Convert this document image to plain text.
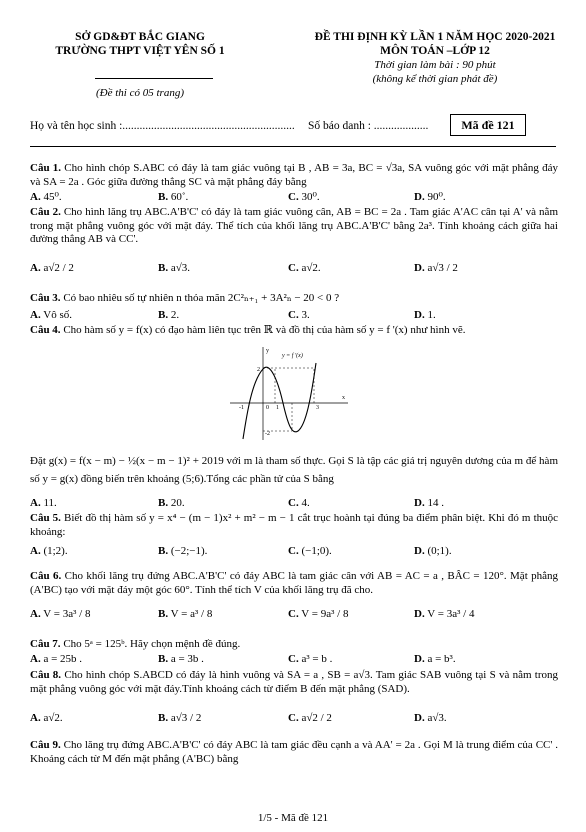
SỞ GD&ĐT BẮC GIANG
TRƯỜNG THPT VIỆT YÊN SỐ 1
(Đề thi có 05 trang)
ĐỀ THI ĐỊNH KỲ LẦN 1 NĂM HỌC 2020-2021
MÔN TOÁN –LỚP 12
Thời gian làm bài : 90 phút
(không kể thời gian phát đề)
Họ và tên học sinh :............................................................ Số báo danh : ...................	Mã đề 121
Câu 1. Cho hình chóp S.ABC có đáy là tam giác vuông tại B , AB = 3a, BC = √3a, SA vuông góc với mặt phẳng đáy và SA = 2a . Góc giữa đường thẳng SC và mặt phẳng đáy bằng
A. 45⁰.	B. 60˚.	C. 30⁰.	D. 90⁰.
Câu 2. Cho hình lăng trụ ABC.A'B'C' có đáy là tam giác vuông cân, AB = BC = 2a . Tam giác A'AC cân tại A' và nằm trong mặt phẳng vuông góc với mặt đáy. Thể tích của khối lăng trụ ABC.A'B'C' bằng 2a³. Tính khoảng cách giữa hai đường thẳng AB và CC'.
A. a√2 / 2	B. a√3.	C. a√2.	D. a√3 / 2
Câu 3. Có bao nhiêu số tự nhiên n thỏa mãn 2C²ₙ₊₁ + 3A²ₙ − 20 < 0 ?
A. Vô số.	B. 2.	C. 3.	D. 1.
Câu 4. Cho hàm số y = f(x) có đạo hàm liên tục trên ℝ và đồ thị của hàm số y = f '(x) như hình vẽ.
x
y
y = f '(x)
-1	0 1	3
2
-2
Đặt g(x) = f(x − m) − ½(x − m − 1)² + 2019 với m là tham số thực. Gọi S là tập các giá trị nguyên dương của m để hàm số y = g(x) đồng biến trên khoảng (5;6).Tổng các phần tử của S bằng
A. 11.	B. 20.	C. 4.	D. 14 .
Câu 5. Biết đồ thị hàm số y = x⁴ − (m − 1)x² + m² − m − 1 cắt trục hoành tại đúng ba điểm phân biệt. Khi đó m thuộc khoảng:
A. (1;2).	B. (−2;−1).	C. (−1;0).	D. (0;1).
Câu 6. Cho khối lăng trụ đứng ABC.A'B'C' có đáy ABC là tam giác cân với AB = AC = a , BÂC = 120°. Mặt phẳng (A'BC) tạo với mặt đáy một góc 60°. Tính thể tích V của khối lăng trụ đã cho.
A. V = 3a³ / 8	B. V = a³ / 8	C. V = 9a³ / 8	D. V = 3a³ / 4
Câu 7. Cho 5ᵃ = 125ᵇ. Hãy chọn mệnh đề đúng.
A. a = 25b .	B. a = 3b .	C. a³ = b .	D. a = b³.
Câu 8. Cho hình chóp S.ABCD có đáy là hình vuông và SA = a , SB = a√3. Tam giác SAB vuông tại S và nằm trong mặt phẳng vuông góc với mặt đáy.Tính khoảng cách từ điểm B đến mặt phẳng (SAD).
A. a√2.	B. a√3 / 2	C. a√2 / 2	D. a√3.
Câu 9. Cho lăng trụ đứng ABC.A'B'C' có đáy ABC là tam giác đều cạnh a và AA' = 2a . Gọi M là trung điểm của CC' . Khoảng cách từ M đến mặt phẳng (A'BC) bằng
1/5 - Mã đề 121
